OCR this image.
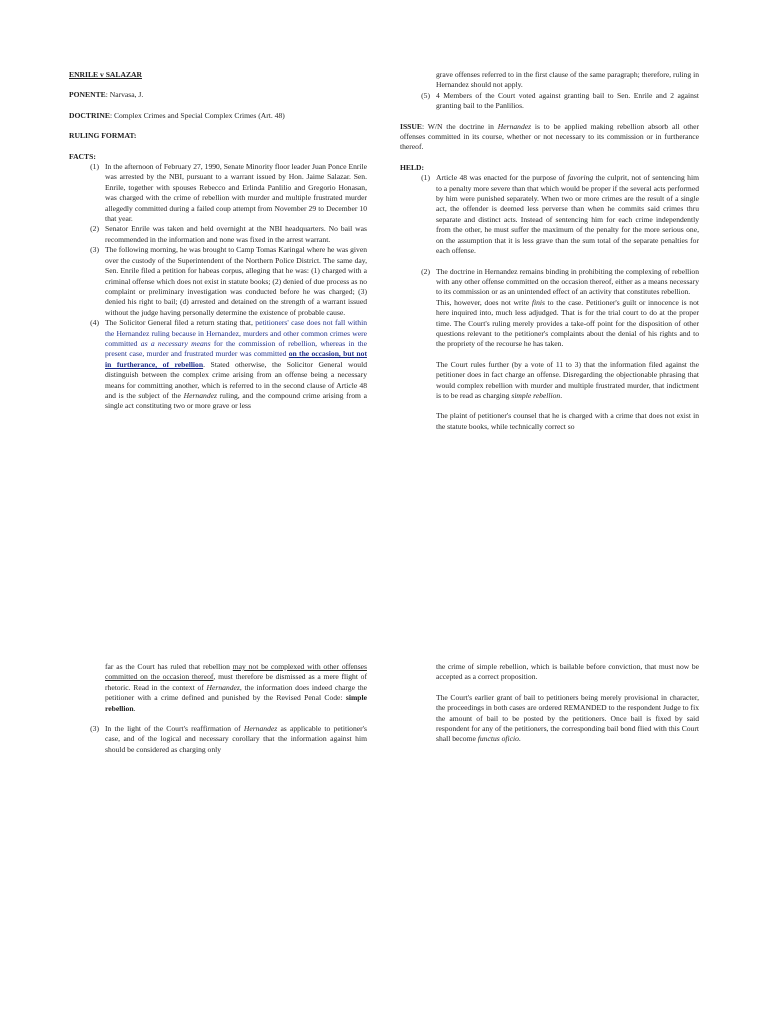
ENRILE v SALAZAR

PONENTE: Narvasa, J.

DOCTRINE: Complex Crimes and Special Complex Crimes (Art. 48)

RULING FORMAT:

FACTS:

(1) In the afternoon of February 27, 1990, Senate Minority floor leader Juan Ponce Enrile was arrested by the NBI, pursuant to a warrant issued by Hon. Jaime Salazar. Sen. Enrile, together with spouses Rebecco and Erlinda Panlilio and Gregorio Honasan, was charged with the crime of rebellion with murder and multiple frustrated murder allegedly committed during a failed coup attempt from November 29 to December 10 that year.
(2) Senator Enrile was taken and held overnight at the NBI headquarters. No bail was recommended in the information and none was fixed in the arrest warrant.
(3) The following morning, he was brought to Camp Tomas Karingal where he was given over the custody of the Superintendent of the Northern Police District. The same day, Sen. Enrile filed a petition for habeas corpus, alleging that he was: (1) charged with a criminal offense which does not exist in statute books; (2) denied of due process as no complaint or preliminary investigation was conducted before he was charged; (3) denied his right to bail; (d) arrested and detained on the strength of a warrant issued without the judge having personally determine the existence of probable cause.
(4) The Solicitor General filed a return stating that, petitioners' case does not fall within the Hernandez ruling because in Hernandez, murders and other common crimes were committed as a necessary means for the commission of rebellion, whereas in the present case, murder and frustrated murder was committed on the occasion, but not in furtherance, of rebellion. Stated otherwise, the Solicitor General would distinguish between the complex crime arising from an offense being a necessary means for committing another, which is referred to in the second clause of Article 48 and is the subject of the Hernandez ruling, and the compound crime arising from a single act constituting two or more grave or less
grave offenses referred to in the first clause of the same paragraph; therefore, ruling in Hernandez should not apply.
(5) 4 Members of the Court voted against granting bail to Sen. Enrile and 2 against granting bail to the Panlilios.

ISSUE: W/N the doctrine in Hernandez is to be applied making rebellion absorb all other offenses committed in its course, whether or not necessary to its commission or in furtherance thereof.

HELD:

(1) Article 48 was enacted for the purpose of favoring the culprit, not of sentencing him to a penalty more severe than that which would be proper if the several acts performed by him were punished separately. When two or more crimes are the result of a single act, the offender is deemed less perverse than when he commits said crimes thru separate and distinct acts. Instead of sentencing him for each crime independently from the other, he must suffer the maximum of the penalty for the more serious one, on the assumption that it is less grave than the sum total of the separate penalties for each offense.
(2) The doctrine in Hernandez remains binding in prohibiting the complexing of rebellion with any other offense committed on the occasion thereof, either as a means necessary to its commission or as an unintended effect of an activity that constitutes rebellion.
This, however, does not write finis to the case. Petitioner's guilt or innocence is not here inquired into, much less adjudged. That is for the trial court to do at the proper time. The Court's ruling merely provides a take-off point for the disposition of other questions relevant to the petitioner's complaints about the denial of his rights and to the propriety of the recourse he has taken.
The Court rules further (by a vote of 11 to 3) that the information filed against the petitioner does in fact charge an offense. Disregarding the objectionable phrasing that would complex rebellion with murder and multiple frustrated murder, that indictment is to be read as charging simple rebellion.
The plaint of petitioner's counsel that he is charged with a crime that does not exist in the statute books, while technically correct so
far as the Court has ruled that rebellion may not be complexed with other offenses committed on the occasion thereof, must therefore be dismissed as a mere flight of rhetoric. Read in the context of Hernandez, the information does indeed charge the petitioner with a crime defined and punished by the Revised Penal Code: simple rebellion.
(3) In the light of the Court's reaffirmation of Hernandez as applicable to petitioner's case, and of the logical and necessary corollary that the information against him should be considered as charging only
the crime of simple rebellion, which is bailable before conviction, that must now be accepted as a correct proposition.
The Court's earlier grant of bail to petitioners being merely provisional in character, the proceedings in both cases are ordered REMANDED to the respondent Judge to fix the amount of bail to be posted by the petitioners. Once bail is fixed by said respondent for any of the petitioners, the corresponding bail bond flied with this Court shall become functus oficio.
